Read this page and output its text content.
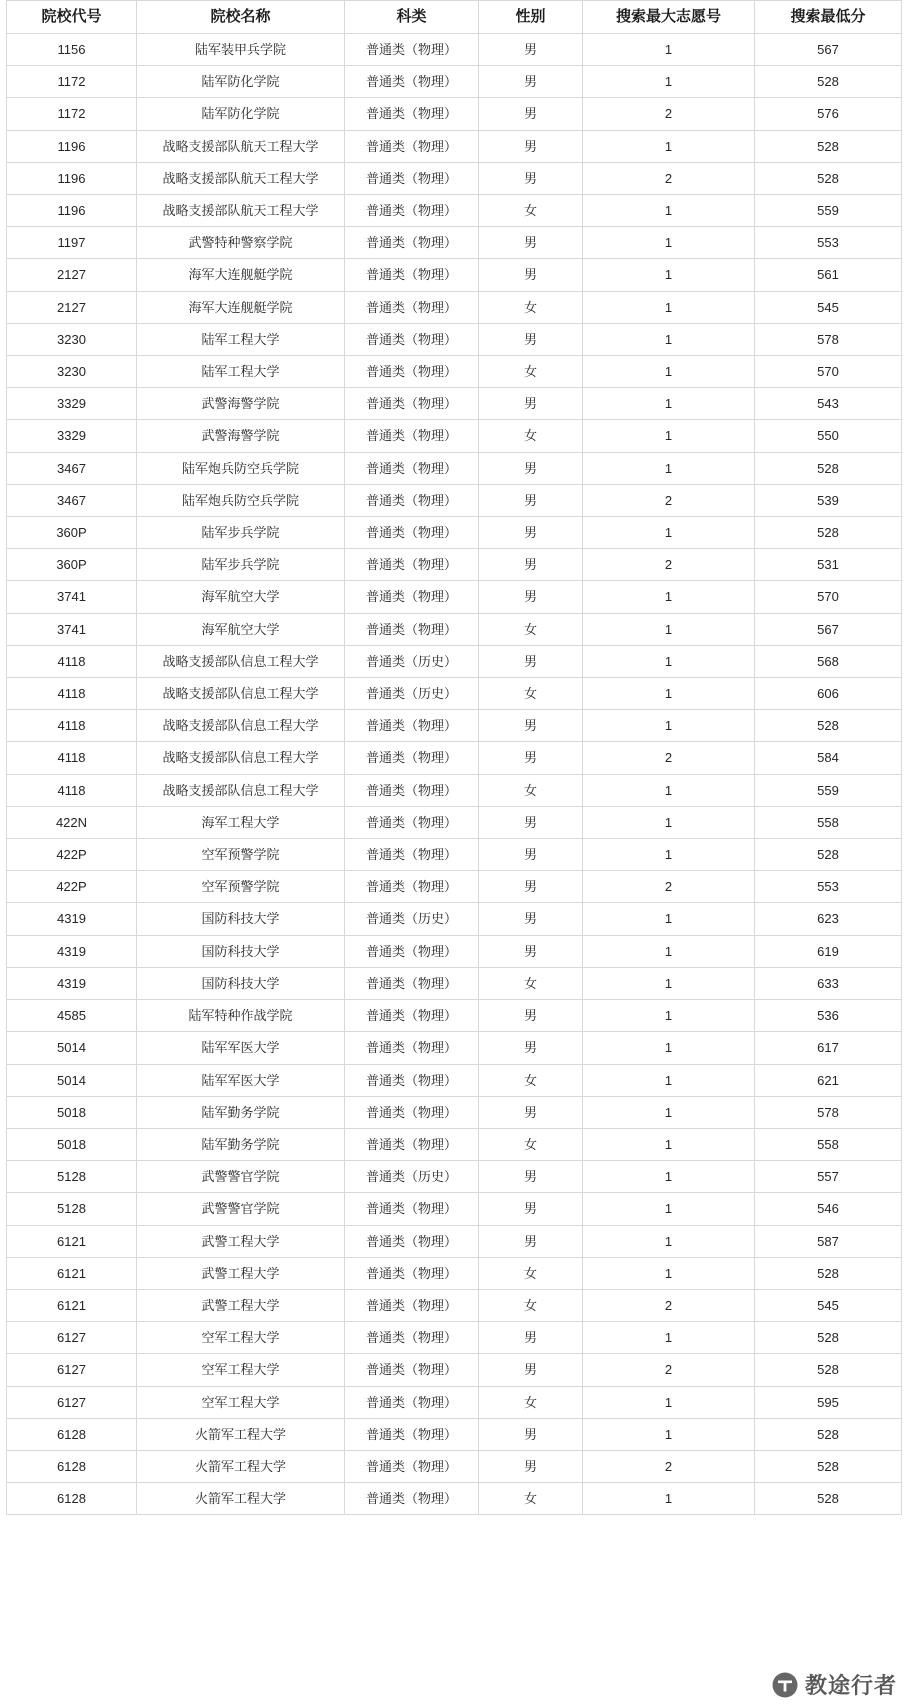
院校代号	院校名称	科类	性别	搜索最大志愿号	搜索最低分
1156	陆军装甲兵学院	普通类（物理）	男	1	567
1172	陆军防化学院	普通类（物理）	男	1	528
1172	陆军防化学院	普通类（物理）	男	2	576
1196	战略支援部队航天工程大学	普通类（物理）	男	1	528
1196	战略支援部队航天工程大学	普通类（物理）	男	2	528
1196	战略支援部队航天工程大学	普通类（物理）	女	1	559
1197	武警特种警察学院	普通类（物理）	男	1	553
2127	海军大连舰艇学院	普通类（物理）	男	1	561
2127	海军大连舰艇学院	普通类（物理）	女	1	545
3230	陆军工程大学	普通类（物理）	男	1	578
3230	陆军工程大学	普通类（物理）	女	1	570
3329	武警海警学院	普通类（物理）	男	1	543
3329	武警海警学院	普通类（物理）	女	1	550
3467	陆军炮兵防空兵学院	普通类（物理）	男	1	528
3467	陆军炮兵防空兵学院	普通类（物理）	男	2	539
360P	陆军步兵学院	普通类（物理）	男	1	528
360P	陆军步兵学院	普通类（物理）	男	2	531
3741	海军航空大学	普通类（物理）	男	1	570
3741	海军航空大学	普通类（物理）	女	1	567
4118	战略支援部队信息工程大学	普通类（历史）	男	1	568
4118	战略支援部队信息工程大学	普通类（历史）	女	1	606
4118	战略支援部队信息工程大学	普通类（物理）	男	1	528
4118	战略支援部队信息工程大学	普通类（物理）	男	2	584
4118	战略支援部队信息工程大学	普通类（物理）	女	1	559
422N	海军工程大学	普通类（物理）	男	1	558
422P	空军预警学院	普通类（物理）	男	1	528
422P	空军预警学院	普通类（物理）	男	2	553
4319	国防科技大学	普通类（历史）	男	1	623
4319	国防科技大学	普通类（物理）	男	1	619
4319	国防科技大学	普通类（物理）	女	1	633
4585	陆军特种作战学院	普通类（物理）	男	1	536
5014	陆军军医大学	普通类（物理）	男	1	617
5014	陆军军医大学	普通类（物理）	女	1	621
5018	陆军勤务学院	普通类（物理）	男	1	578
5018	陆军勤务学院	普通类（物理）	女	1	558
5128	武警警官学院	普通类（历史）	男	1	557
5128	武警警官学院	普通类（物理）	男	1	546
6121	武警工程大学	普通类（物理）	男	1	587
6121	武警工程大学	普通类（物理）	女	1	528
6121	武警工程大学	普通类（物理）	女	2	545
6127	空军工程大学	普通类（物理）	男	1	528
6127	空军工程大学	普通类（物理）	男	2	528
6127	空军工程大学	普通类（物理）	女	1	595
6128	火箭军工程大学	普通类（物理）	男	1	528
6128	火箭军工程大学	普通类（物理）	男	2	528
6128	火箭军工程大学	普通类（物理）	女	1	528
教途行者
